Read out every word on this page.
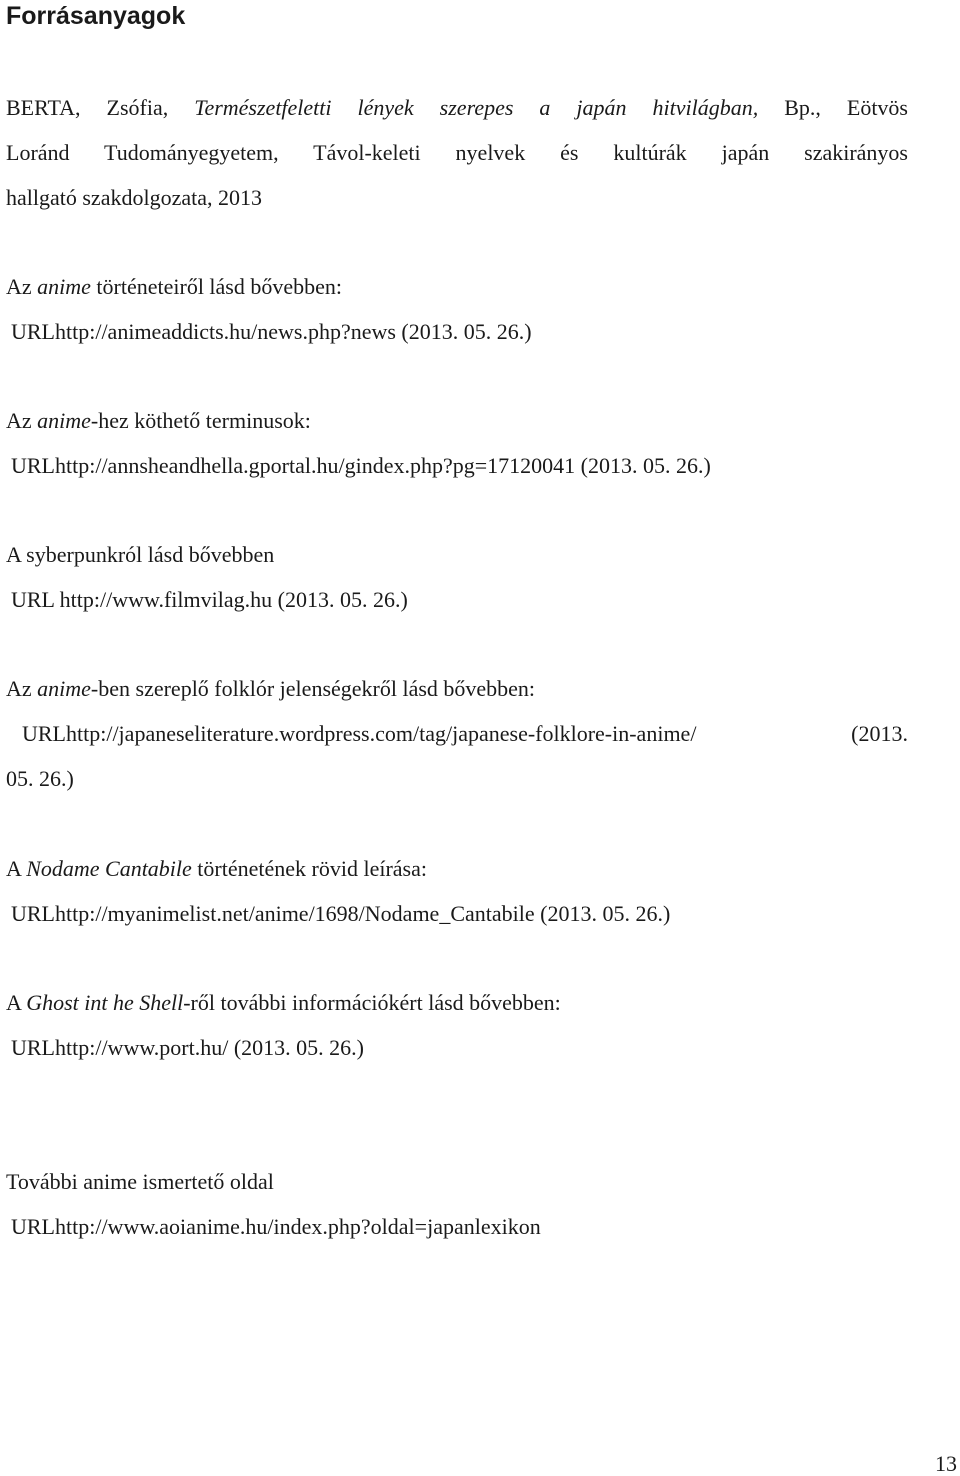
Forrásanyagok
BERTA, Zsófia, Természetfeletti lények szerepes a japán hitvilágban, Bp., Eötvös
Loránd Tudományegyetem, Távol-keleti nyelvek és kultúrák japán szakirányos
hallgató szakdolgozata, 2013
Az anime történeteiről lásd bővebben:
URLhttp://animeaddicts.hu/news.php?news (2013. 05. 26.)
Az anime-hez köthető terminusok:
URLhttp://annsheandhella.gportal.hu/gindex.php?pg=17120041 (2013. 05. 26.)
A syberpunkról lásd bővebben
URL http://www.filmvilag.hu (2013. 05. 26.)
Az anime-ben szereplő folklór jelenségekről lásd bővebben:
URLhttp://japaneseliterature.wordpress.com/tag/japanese-folklore-in-anime/ (2013.
05. 26.)
A Nodame Cantabile történetének rövid leírása:
URLhttp://myanimelist.net/anime/1698/Nodame_Cantabile (2013. 05. 26.)
A Ghost int he Shell-ről további információkért lásd bővebben:
URLhttp://www.port.hu/ (2013. 05. 26.)
További anime ismertető oldal
URLhttp://www.aoianime.hu/index.php?oldal=japanlexikon
13
